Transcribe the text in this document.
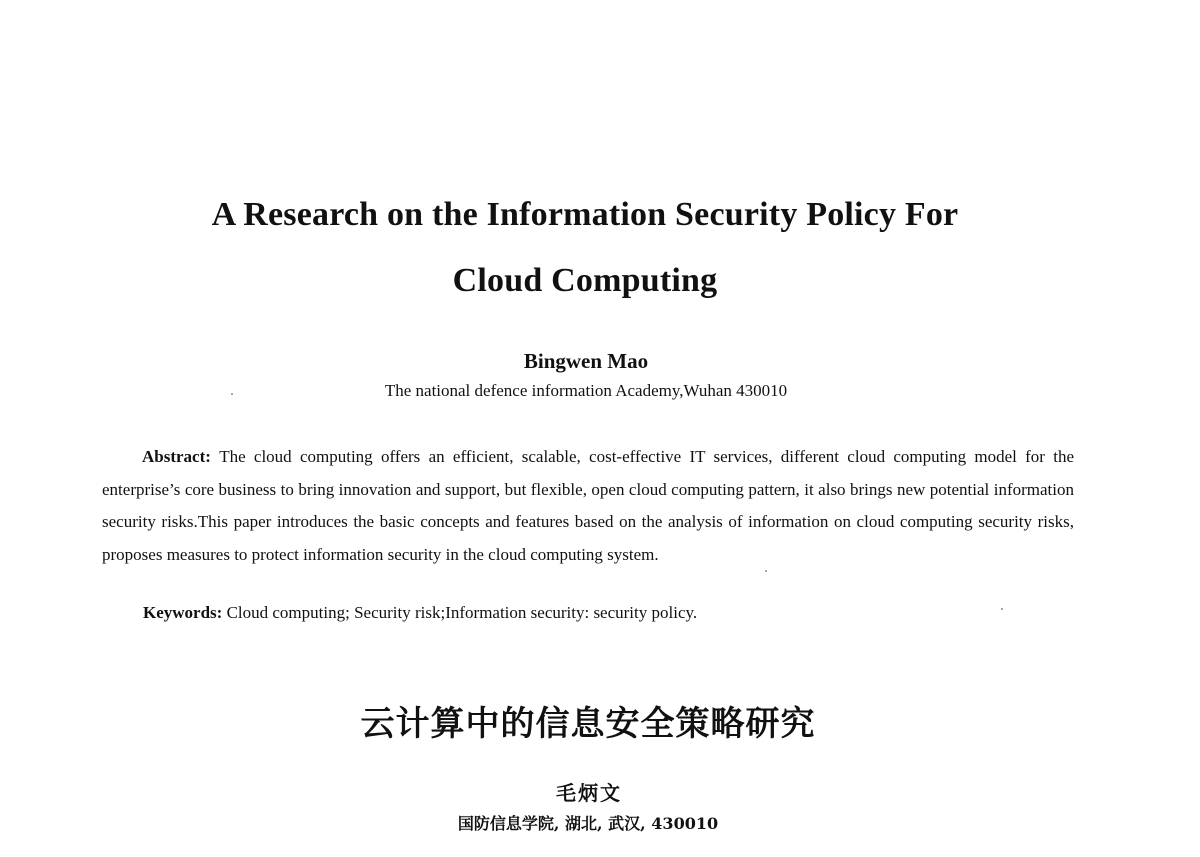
A Research on the Information Security Policy For
Cloud Computing
Bingwen Mao
The national defence information Academy,Wuhan 430010

Abstract: The cloud computing offers an efficient, scalable, cost-effective IT services, different cloud computing model for the enterprise’s core business to bring innovation and support, but flexible, open cloud computing pattern, it also brings new potential information security risks.This paper introduces the basic concepts and features based on the analysis of information on cloud computing security risks, proposes measures to protect information security in the cloud computing system.

Keywords: Cloud computing; Security risk;Information security: security policy.

云计算中的信息安全策略研究
毛炳文
国防信息学院, 湖北, 武汉, 430010
